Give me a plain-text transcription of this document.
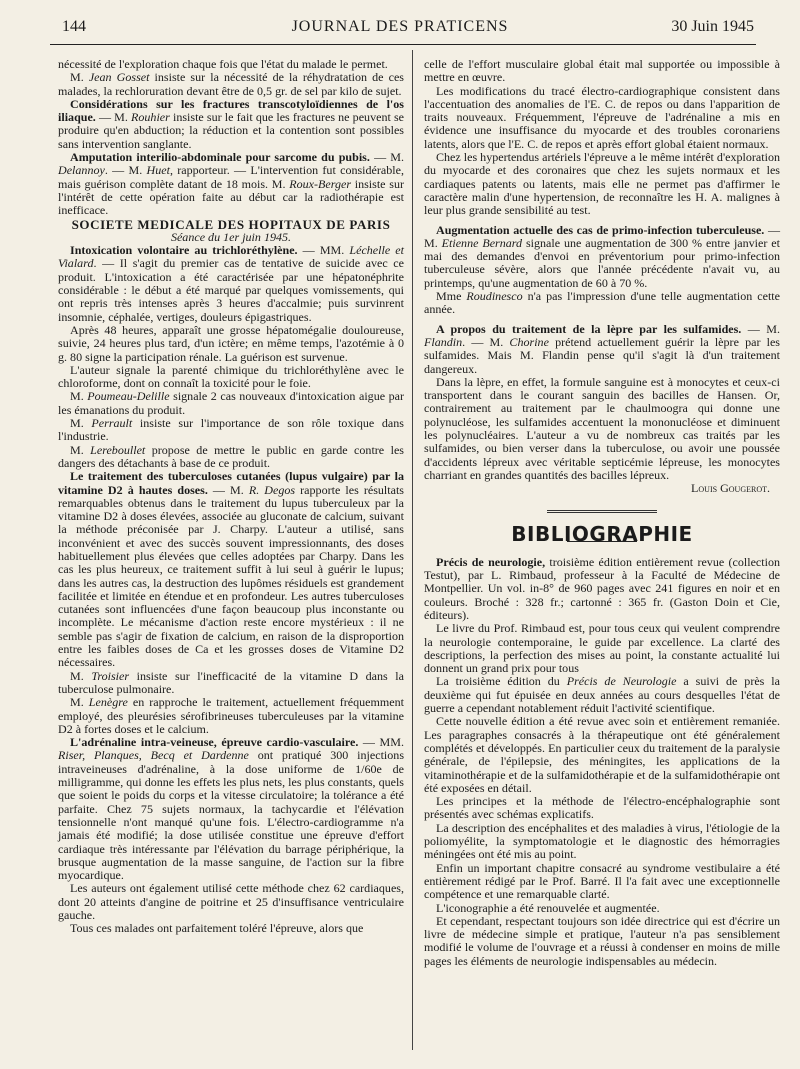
144	JOURNAL DES PRATICENS	30 Juin 1945

nécessité de l'exploration chaque fois que l'état du malade le permet.

M. Jean Gosset insiste sur la nécessité de la réhydratation de ces malades, la rechloruration devant être de 0,5 gr. de sel par kilo de sujet.

Considérations sur les fractures transcotyloïdiennes de l'os iliaque. — M. Rouhier insiste sur le fait que les fractures ne peuvent se produire qu'en abduction; la réduction et la contention sont possibles sans intervention sanglante.

Amputation interilio-abdominale pour sarcome du pubis. — M. Delannoy. — M. Huet, rapporteur. — L'intervention fut considérable, mais guérison complète datant de 18 mois. M. Roux-Berger insiste sur l'intérêt de cette opération faite au début car la radiothérapie est inefficace.

SOCIETE MEDICALE DES HOPITAUX DE PARIS

Séance du 1er juin 1945.

Intoxication volontaire au trichloréthylène. — MM. Léchelle et Vialard. — Il s'agit du premier cas de tentative de suicide avec ce produit. L'intoxication a été caractérisée par une hépatonéphrite considérable : le début a été marqué par quelques vomissements, qui ont repris très intenses après 3 heures d'accalmie; puis survinrent insomnie, céphalée, vertiges, douleurs épigastriques.

Après 48 heures, apparaît une grosse hépatomégalie douloureuse, suivie, 24 heures plus tard, d'un ictère; en même temps, l'azotémie à 0 g. 80 signe la participation rénale. La guérison est survenue.

L'auteur signale la parenté chimique du trichloréthylène avec le chloroforme, dont on connaît la toxicité pour le foie.

M. Poumeau-Delille signale 2 cas nouveaux d'intoxication aigue par les émanations du produit.

M. Perrault insiste sur l'importance de son rôle toxique dans l'industrie.

M. Lereboullet propose de mettre le public en garde contre les dangers des détachants à base de ce produit.

Le traitement des tuberculoses cutanées (lupus vulgaire) par la vitamine D2 à hautes doses. — M. R. Degos rapporte les résultats remarquables obtenus dans le traitement du lupus tuberculeux par la vitamine D2 à doses élevées, associée au gluconate de calcium, suivant la méthode préconisée par J. Charpy. L'auteur a utilisé, sans inconvénient et avec des succès souvent impressionnants, des doses habituellement plus élevées que celles adoptées par Charpy. Dans les cas les plus heureux, ce traitement suffit à lui seul à guérir le lupus; dans les autres cas, la destruction des lupômes résiduels est grandement facilitée et limitée en étendue et en profondeur. Les autres tuberculoses cutanées sont influencées d'une façon beaucoup plus inconstante ou incomplète. Le mécanisme d'action reste encore mystérieux : il ne semble pas s'agir de fixation de calcium, en raison de la disproportion entre les faibles doses de Ca et les grosses doses de Vitamine D2 nécessaires.

M. Troisier insiste sur l'inefficacité de la vitamine D dans la tuberculose pulmonaire.

M. Lenègre en rapproche le traitement, actuellement fréquemment employé, des pleurésies sérofibrineuses tuberculeuses par la vitamine D2 à fortes doses et le calcium.

L'adrénaline intra-veineuse, épreuve cardio-vasculaire. — MM. Riser, Planques, Becq et Dardenne ont pratiqué 300 injections intraveineuses d'adrénaline, à la dose uniforme de 1/60e de milligramme, qui donne les effets les plus nets, les plus constants, quels que soient le poids du corps et la vitesse circulatoire; la tolérance a été parfaite. Chez 75 sujets normaux, la tachycardie et l'élévation tensionnelle n'ont manqué qu'une fois. L'électro-cardiogramme n'a jamais été modifié; la dose utilisée constitue une épreuve d'effort cardiaque très intéressante par l'élévation du barrage périphérique, la brusque augmentation de la masse sanguine, de l'action sur la fibre myocardique.

Les auteurs ont également utilisé cette méthode chez 62 cardiaques, dont 20 atteints d'angine de poitrine et 25 d'insuffisance ventriculaire gauche.

Tous ces malades ont parfaitement toléré l'épreuve, alors que

celle de l'effort musculaire global était mal supportée ou impossible à mettre en œuvre.

Les modifications du tracé électro-cardiographique consistent dans l'accentuation des anomalies de l'E. C. de repos ou dans l'apparition de traits nouveaux. Fréquemment, l'épreuve de l'adrénaline a mis en évidence une insuffisance du myocarde et des troubles coronariens latents, alors que l'E. C. de repos et après effort global étaient normaux.

Chez les hypertendus artériels l'épreuve a le même intérêt d'exploration du myocarde et des coronaires que chez les sujets normaux et les cardiaques patents ou latents, mais elle ne permet pas d'affirmer le caractère malin d'une hypertension, de reconnaître les H. A. malignes à leur plus grande sensibilité au test.

Augmentation actuelle des cas de primo-infection tuberculeuse. — M. Etienne Bernard signale une augmentation de 300 % entre janvier et mai des demandes d'envoi en préventorium pour primo-infection tuberculeuse sévère, alors que l'année précédente n'avait vu, au printemps, qu'une augmentation de 60 à 70 %.

Mme Roudinesco n'a pas l'impression d'une telle augmentation cette année.

A propos du traitement de la lèpre par les sulfamides. — M. Flandin. — M. Chorine prétend actuellement guérir la lèpre par les sulfamides. Mais M. Flandin pense qu'il s'agit là d'un traitement dangereux.

Dans la lèpre, en effet, la formule sanguine est à monocytes et ceux-ci transportent dans le courant sanguin des bacilles de Hansen. Or, contrairement au traitement par le chaulmoogra qui donne une polynucléose, les sulfamides accentuent la mononucléose et diminuent les polynucléaires. L'auteur a vu de nombreux cas traités par les sulfamides, ou bien verser dans la tuberculose, ou avoir une poussée d'accidents lépreux avec véritable septicémie lépreuse, les monocytes charriant en grandes quantités des bacilles lépreux.

Louis Gougerot.

BIBLIOGRAPHIE

Précis de neurologie, troisième édition entièrement revue (collection Testut), par L. Rimbaud, professeur à la Faculté de Médecine de Montpellier. Un vol. in-8° de 960 pages avec 241 figures en noir et en couleurs. Broché : 328 fr.; cartonné : 365 fr. (Gaston Doin et Cie, éditeurs).

Le livre du Prof. Rimbaud est, pour tous ceux qui veulent comprendre la neurologie contemporaine, le guide par excellence. La clarté des descriptions, la perfection des mises au point, la constante actualité lui donnent un grand prix pour tous

La troisième édition du Précis de Neurologie a suivi de près la deuxième qui fut épuisée en deux années au cours desquelles l'état de guerre a cependant notablement réduit l'activité scientifique.

Cette nouvelle édition a été revue avec soin et entièrement remaniée. Les paragraphes consacrés à la thérapeutique ont été généralement complétés et développés. En particulier ceux du traitement de la paralysie générale, de l'épilepsie, des méningites, les applications de la vitaminothérapie et de la sulfamidothérapie et de la sulfamidothérapie ont été exposées en détail.

Les principes et la méthode de l'électro-encéphalographie sont présentés avec schémas explicatifs.

La description des encéphalites et des maladies à virus, l'étiologie de la poliomyélite, la symptomatologie et le diagnostic des hémorragies méningées ont été mis au point.

Enfin un important chapitre consacré au syndrome vestibulaire a été entièrement rédigé par le Prof. Barré. Il l'a fait avec une exceptionnelle compétence et une remarquable clarté.

L'iconographie a été renouvelée et augmentée.

Et cependant, respectant toujours son idée directrice qui est d'écrire un livre de médecine simple et pratique, l'auteur n'a pas sensiblement modifié le volume de l'ouvrage et a réussi à condenser en moins de mille pages les éléments de neurologie indispensables au médecin.
